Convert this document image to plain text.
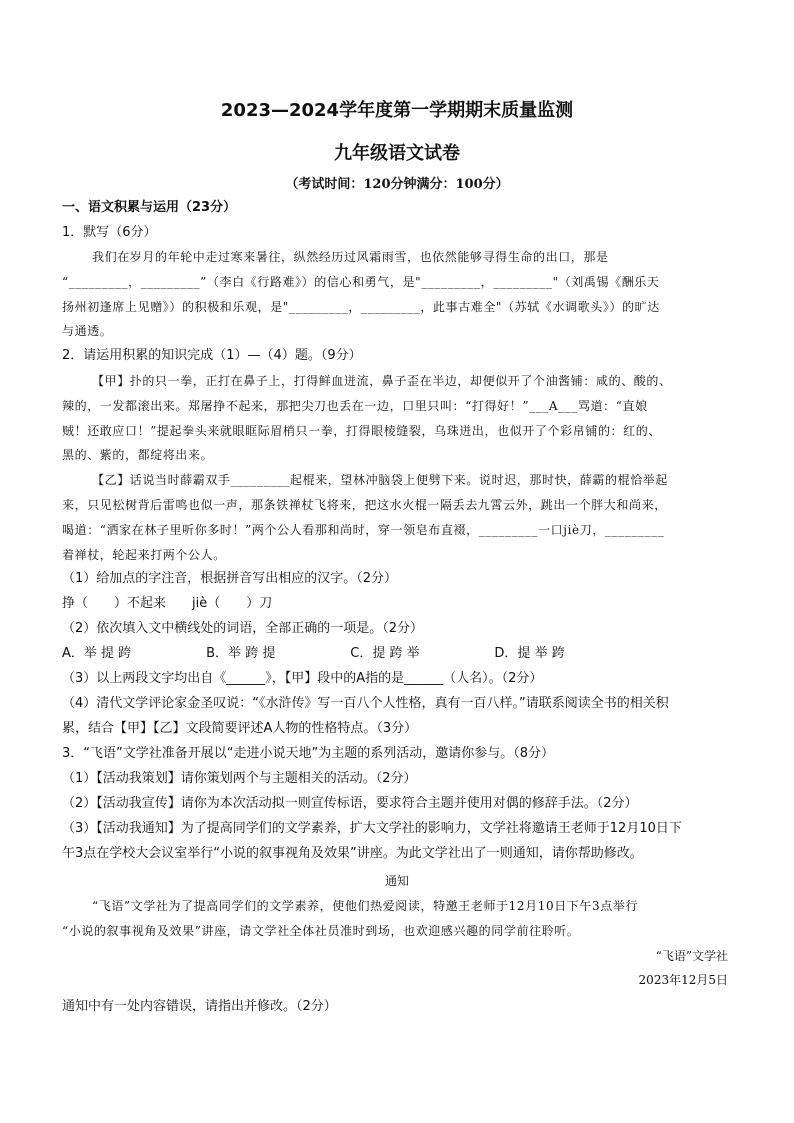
2023—2024学年度第一学期期末质量监测
九年级语文试卷
（考试时间：120分钟满分：100分）
一、语文积累与运用（23分）
1．默写（6分）
我们在岁月的年轮中走过寒来暑往，纵然经历过风霜雨雪，也依然能够寻得生命的出口，那是
“_________，_________”（李白《行路难》）的信心和勇气，是"_________，_________"（刘禹锡《酬乐天
扬州初逢席上见赠》）的积极和乐观，是"_________，_________，此事古难全"（苏轼《水调歌头》）的旷达
与通透。
2．请运用积累的知识完成（1）—（4）题。（9分）
【甲】扑的只一拳，正打在鼻子上，打得鲜血迸流，鼻子歪在半边，却便似开了个油酱铺：咸的、酸的、
辣的，一发都滚出来。郑屠挣不起来，那把尖刀也丢在一边，口里只叫：“打得好！”___A___骂道：“直娘
贼！还敢应口！”提起拳头来就眼眶际眉梢只一拳，打得眼棱缝裂，乌珠迸出，也似开了个彩帛铺的：红的、
黑的、紫的，都绽将出来。
【乙】话说当时薛霸双手_________起棍来，望林冲脑袋上便劈下来。说时迟，那时快，薛霸的棍恰举起
来，只见松树背后雷鸣也似一声，那条铁禅杖飞将来，把这水火棍一隔丢去九霄云外，跳出一个胖大和尚来，
喝道：“洒家在林子里听你多时！”两个公人看那和尚时，穿一领皂布直裰，_________一口jiè刀，_________
着禅杖，轮起来打两个公人。
（1）给加点的字注音，根据拼音写出相应的汉字。（2分）
挣（　　）不起来　　jiè（　　）刀
（2）依次填入文中横线处的词语，全部正确的一项是。（2分）
A．举 提 跨	B．举 跨 提	C．提 跨 举	D．提 举 跨
（3）以上两段文字均出自《______》，【甲】段中的A指的是______（人名）。（2分）
（4）清代文学评论家金圣叹说：“《水浒传》写一百八个人性格，真有一百八样。”请联系阅读全书的相关积
累，结合【甲】【乙】文段简要评述A人物的性格特点。（3分）
3．“飞语”文学社准备开展以“走进小说天地”为主题的系列活动，邀请你参与。（8分）
（1）【活动我策划】请你策划两个与主题相关的活动。（2分）
（2）【活动我宣传】请你为本次活动拟一则宣传标语，要求符合主题并使用对偶的修辞手法。（2分）
（3）【活动我通知】为了提高同学们的文学素养，扩大文学社的影响力，文学社将邀请王老师于12月10日下
午3点在学校大会议室举行“小说的叙事视角及效果”讲座。为此文学社出了一则通知，请你帮助修改。
通知
“飞语”文学社为了提高同学们的文学素养，使他们热爱阅读，特邀王老师于12月10日下午3点举行
“小说的叙事视角及效果”讲座，请文学社全体社员准时到场，也欢迎感兴趣的同学前往聆听。
“飞语”文学社
2023年12月5日
通知中有一处内容错误，请指出并修改。（2分）
